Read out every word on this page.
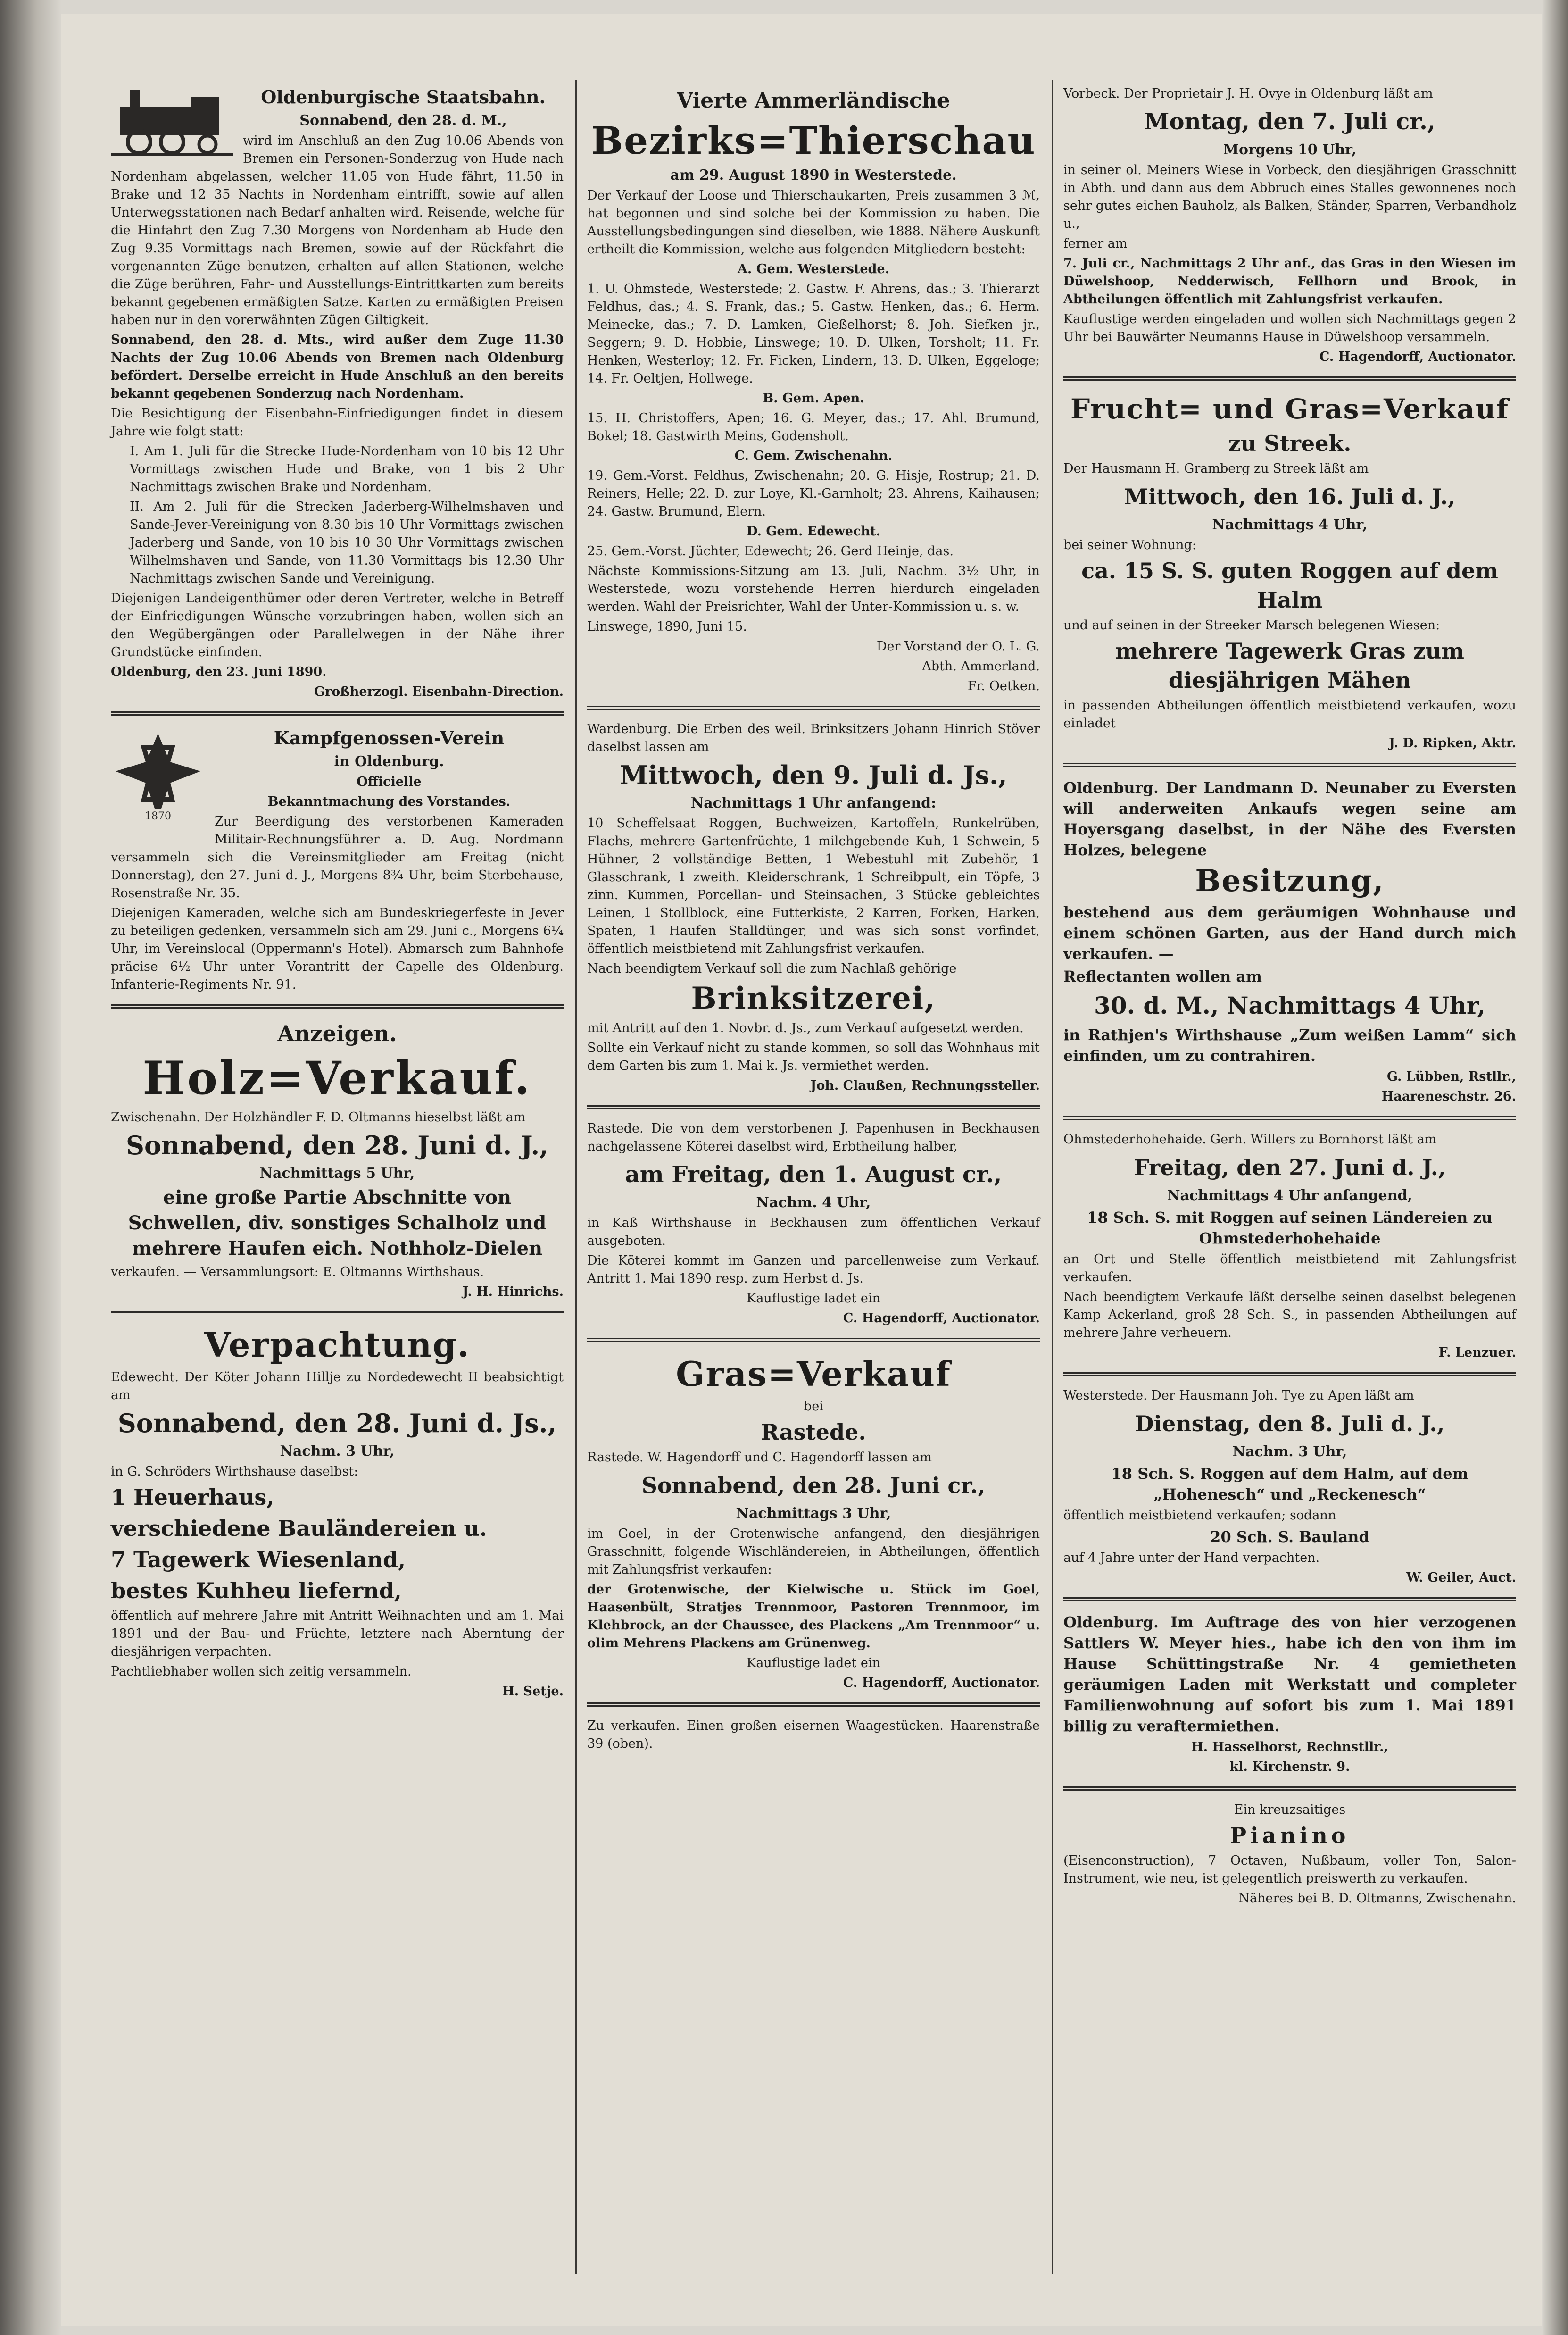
Oldenburgische Staatsbahn.

Sonnabend, den 28. d. M.,

wird im Anschluß an den Zug 10.06 Abends von Bremen ein Personen-Sonderzug von Hude nach Nordenham abgelassen, welcher 11.05 von Hude fährt, 11.50 in Brake und 12 35 Nachts in Nordenham eintrifft, sowie auf allen Unterwegsstationen nach Bedarf anhalten wird. Reisende, welche für die Hinfahrt den Zug 7.30 Morgens von Nordenham ab Hude den Zug 9.35 Vormittags nach Bremen, sowie auf der Rückfahrt die vorgenannten Züge benutzen, erhalten auf allen Stationen, welche die Züge berühren, Fahr- und Ausstellungs-Eintrittkarten zum bereits bekannt gegebenen ermäßigten Satze. Karten zu ermäßigten Preisen haben nur in den vorerwähnten Zügen Giltigkeit.

Sonnabend, den 28. d. Mts., wird außer dem Zuge 11.30 Nachts der Zug 10.06 Abends von Bremen nach Oldenburg befördert. Derselbe erreicht in Hude Anschluß an den bereits bekannt gegebenen Sonderzug nach Nordenham.

Die Besichtigung der Eisenbahn-Einfriedigungen findet in diesem Jahre wie folgt statt:

I. Am 1. Juli für die Strecke Hude-Nordenham von 10 bis 12 Uhr Vormittags zwischen Hude und Brake, von 1 bis 2 Uhr Nachmittags zwischen Brake und Nordenham.

II. Am 2. Juli für die Strecken Jaderberg-Wilhelmshaven und Sande-Jever-Vereinigung von 8.30 bis 10 Uhr Vormittags zwischen Jaderberg und Sande, von 10 bis 10 30 Uhr Vormittags zwischen Wilhelmshaven und Sande, von 11.30 Vormittags bis 12.30 Uhr Nachmittags zwischen Sande und Vereinigung.

Diejenigen Landeigenthümer oder deren Vertreter, welche in Betreff der Einfriedigungen Wünsche vorzubringen haben, wollen sich an den Wegübergängen oder Parallelwegen in der Nähe ihrer Grundstücke einfinden.

Oldenburg, den 23. Juni 1890.

Großherzogl. Eisenbahn-Direction.

1870

Kampfgenossen-Verein

in Oldenburg.

Officielle

Bekanntmachung des Vorstandes.

Zur Beerdigung des verstorbenen Kameraden Militair-Rechnungsführer a. D. Aug. Nordmann versammeln sich die Vereinsmitglieder am Freitag (nicht Donnerstag), den 27. Juni d. J., Morgens 8¾ Uhr, beim Sterbehause, Rosenstraße Nr. 35.

Diejenigen Kameraden, welche sich am Bundeskriegerfeste in Jever zu beteiligen gedenken, versammeln sich am 29. Juni c., Morgens 6¼ Uhr, im Vereinslocal (Oppermann's Hotel). Abmarsch zum Bahnhofe präcise 6½ Uhr unter Vorantritt der Capelle des Oldenburg. Infanterie-Regiments Nr. 91.

Anzeigen.

Holz=Verkauf.

Zwischenahn. Der Holzhändler F. D. Oltmanns hieselbst läßt am

Sonnabend, den 28. Juni d. J.,

Nachmittags 5 Uhr,

eine große Partie Abschnitte von Schwellen, div. sonstiges Schalholz und mehrere Haufen eich. Nothholz-Dielen

verkaufen. — Versammlungsort: E. Oltmanns Wirthshaus.

J. H. Hinrichs.

Verpachtung.

Edewecht. Der Köter Johann Hillje zu Nordedewecht II beabsichtigt am

Sonnabend, den 28. Juni d. Js.,

Nachm. 3 Uhr,

in G. Schröders Wirthshause daselbst:

1 Heuerhaus,

verschiedene Bauländereien u.

7 Tagewerk Wiesenland,

bestes Kuhheu liefernd,

öffentlich auf mehrere Jahre mit Antritt Weihnachten und am 1. Mai 1891 und der Bau- und Früchte, letztere nach Aberntung der diesjährigen verpachten.

Pachtliebhaber wollen sich zeitig versammeln.

H. Setje.

Vierte Ammerländische

Bezirks=Thierschau

am 29. August 1890 in Westerstede.

Der Verkauf der Loose und Thierschaukarten, Preis zusammen 3 ℳ, hat begonnen und sind solche bei der Kommission zu haben. Die Ausstellungsbedingungen sind dieselben, wie 1888. Nähere Auskunft ertheilt die Kommission, welche aus folgenden Mitgliedern besteht:

A. Gem. Westerstede.

1. U. Ohmstede, Westerstede; 2. Gastw. F. Ahrens, das.; 3. Thierarzt Feldhus, das.; 4. S. Frank, das.; 5. Gastw. Henken, das.; 6. Herm. Meinecke, das.; 7. D. Lamken, Gießelhorst; 8. Joh. Siefken jr., Seggern; 9. D. Hobbie, Linswege; 10. D. Ulken, Torsholt; 11. Fr. Henken, Westerloy; 12. Fr. Ficken, Lindern, 13. D. Ulken, Eggeloge; 14. Fr. Oeltjen, Hollwege.

B. Gem. Apen.

15. H. Christoffers, Apen; 16. G. Meyer, das.; 17. Ahl. Brumund, Bokel; 18. Gastwirth Meins, Godensholt.

C. Gem. Zwischenahn.

19. Gem.-Vorst. Feldhus, Zwischenahn; 20. G. Hisje, Rostrup; 21. D. Reiners, Helle; 22. D. zur Loye, Kl.-Garnholt; 23. Ahrens, Kaihausen; 24. Gastw. Brumund, Elern.

D. Gem. Edewecht.

25. Gem.-Vorst. Jüchter, Edewecht; 26. Gerd Heinje, das.

Nächste Kommissions-Sitzung am 13. Juli, Nachm. 3½ Uhr, in Westerstede, wozu vorstehende Herren hierdurch eingeladen werden. Wahl der Preisrichter, Wahl der Unter-Kommission u. s. w.

Linswege, 1890, Juni 15.

Der Vorstand der O. L. G.

Abth. Ammerland.

Fr. Oetken.

Wardenburg. Die Erben des weil. Brinksitzers Johann Hinrich Stöver daselbst lassen am

Mittwoch, den 9. Juli d. Js.,

Nachmittags 1 Uhr anfangend:

10 Scheffelsaat Roggen, Buchweizen, Kartoffeln, Runkelrüben, Flachs, mehrere Gartenfrüchte, 1 milchgebende Kuh, 1 Schwein, 5 Hühner, 2 vollständige Betten, 1 Webestuhl mit Zubehör, 1 Glasschrank, 1 zweith. Kleiderschrank, 1 Schreibpult, ein Töpfe, 3 zinn. Kummen, Porcellan- und Steinsachen, 3 Stücke gebleichtes Leinen, 1 Stollblock, eine Futterkiste, 2 Karren, Forken, Harken, Spaten, 1 Haufen Stalldünger, und was sich sonst vorfindet, öffentlich meistbietend mit Zahlungsfrist verkaufen.

Nach beendigtem Verkauf soll die zum Nachlaß gehörige

Brinksitzerei,

mit Antritt auf den 1. Novbr. d. Js., zum Verkauf aufgesetzt werden.

Sollte ein Verkauf nicht zu stande kommen, so soll das Wohnhaus mit dem Garten bis zum 1. Mai k. Js. vermiethet werden.

Joh. Claußen, Rechnungssteller.

Rastede. Die von dem verstorbenen J. Papenhusen in Beckhausen nachgelassene Köterei daselbst wird, Erbtheilung halber,

am Freitag, den 1. August cr.,

Nachm. 4 Uhr,

in Kaß Wirthshause in Beckhausen zum öffentlichen Verkauf ausgeboten.

Die Köterei kommt im Ganzen und parcellenweise zum Verkauf. Antritt 1. Mai 1890 resp. zum Herbst d. Js.

Kauflustige ladet ein

C. Hagendorff, Auctionator.

Gras=Verkauf

bei

Rastede.

Rastede. W. Hagendorff und C. Hagendorff lassen am

Sonnabend, den 28. Juni cr.,

Nachmittags 3 Uhr,

im Goel, in der Grotenwische anfangend, den diesjährigen Grasschnitt, folgende Wischländereien, in Abtheilungen, öffentlich mit Zahlungsfrist verkaufen:

der Grotenwische, der Kielwische u. Stück im Goel, Haasenbült, Stratjes Trennmoor, Pastoren Trennmoor, im Klehbrock, an der Chaussee, des Plackens „Am Trennmoor“ u. olim Mehrens Plackens am Grünenweg.

Kauflustige ladet ein

C. Hagendorff, Auctionator.

Zu verkaufen. Einen großen eisernen Waagestücken. Haarenstraße 39 (oben).

Vorbeck. Der Proprietair J. H. Ovye in Oldenburg läßt am

Montag, den 7. Juli cr.,

Morgens 10 Uhr,

in seiner ol. Meiners Wiese in Vorbeck, den diesjährigen Grasschnitt in Abth. und dann aus dem Abbruch eines Stalles gewonnenes noch sehr gutes eichen Bauholz, als Balken, Ständer, Sparren, Verbandholz u.,

ferner am

7. Juli cr., Nachmittags 2 Uhr anf., das Gras in den Wiesen im Düwelshoop, Nedderwisch, Fellhorn und Brook, in Abtheilungen öffentlich mit Zahlungsfrist verkaufen.

Kauflustige werden eingeladen und wollen sich Nachmittags gegen 2 Uhr bei Bauwärter Neumanns Hause in Düwelshoop versammeln.

C. Hagendorff, Auctionator.

Frucht= und Gras=Verkauf

zu Streek.

Der Hausmann H. Gramberg zu Streek läßt am

Mittwoch, den 16. Juli d. J.,

Nachmittags 4 Uhr,

bei seiner Wohnung:

ca. 15 S. S. guten Roggen auf dem Halm

und auf seinen in der Streeker Marsch belegenen Wiesen:

mehrere Tagewerk Gras zum diesjährigen Mähen

in passenden Abtheilungen öffentlich meistbietend verkaufen, wozu einladet

J. D. Ripken, Aktr.

Oldenburg. Der Landmann D. Neunaber zu Eversten will anderweiten Ankaufs wegen seine am Hoyersgang daselbst, in der Nähe des Eversten Holzes, belegene

Besitzung,

bestehend aus dem geräumigen Wohnhause und einem schönen Garten, aus der Hand durch mich verkaufen. —

Reflectanten wollen am

30. d. M., Nachmittags 4 Uhr,

in Rathjen's Wirthshause „Zum weißen Lamm“ sich einfinden, um zu contrahiren.

G. Lübben, Rstllr.,

Haareneschstr. 26.

Ohmstederhohehaide. Gerh. Willers zu Bornhorst läßt am

Freitag, den 27. Juni d. J.,

Nachmittags 4 Uhr anfangend,

18 Sch. S. mit Roggen auf seinen Ländereien zu Ohmstederhohehaide

an Ort und Stelle öffentlich meistbietend mit Zahlungsfrist verkaufen.

Nach beendigtem Verkaufe läßt derselbe seinen daselbst belegenen Kamp Ackerland, groß 28 Sch. S., in passenden Abtheilungen auf mehrere Jahre verheuern.

F. Lenzuer.

Westerstede. Der Hausmann Joh. Tye zu Apen läßt am

Dienstag, den 8. Juli d. J.,

Nachm. 3 Uhr,

18 Sch. S. Roggen auf dem Halm, auf dem „Hohenesch“ und „Reckenesch“

öffentlich meistbietend verkaufen; sodann

20 Sch. S. Bauland

auf 4 Jahre unter der Hand verpachten.

W. Geiler, Auct.

Oldenburg. Im Auftrage des von hier verzogenen Sattlers W. Meyer hies., habe ich den von ihm im Hause Schüttingstraße Nr. 4 gemietheten geräumigen Laden mit Werkstatt und completer Familienwohnung auf sofort bis zum 1. Mai 1891 billig zu veraftermiethen.

H. Hasselhorst, Rechnstllr.,

kl. Kirchenstr. 9.

Ein kreuzsaitiges

Pianino

(Eisenconstruction), 7 Octaven, Nußbaum, voller Ton, Salon-Instrument, wie neu, ist gelegentlich preiswerth zu verkaufen.

Näheres bei B. D. Oltmanns, Zwischenahn.
